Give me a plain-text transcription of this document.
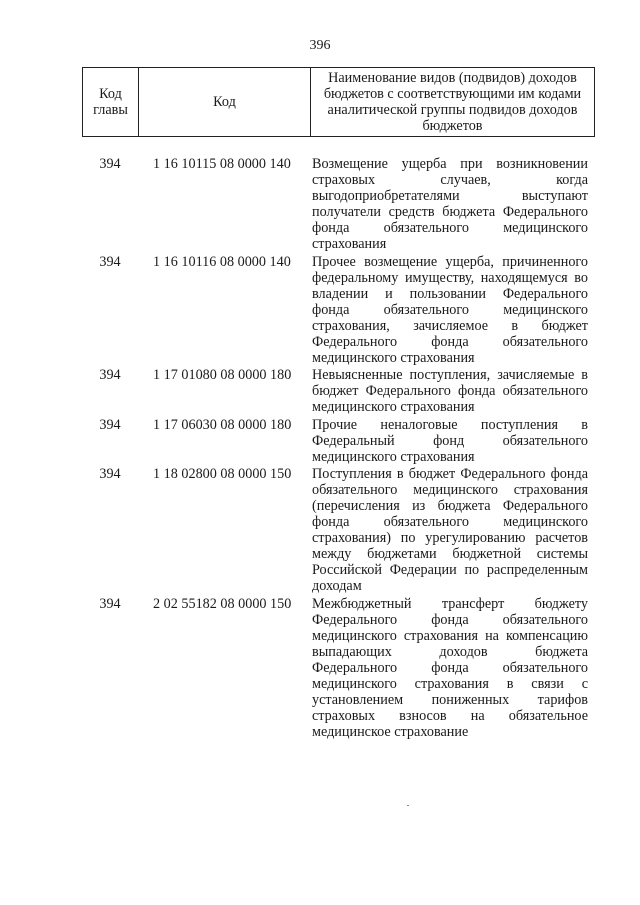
396
Код
главы	Код	
Наименование видов (подвидов) доходов
бюджетов с соответствующими им кодами
аналитической группы подвидов доходов
бюджетов
394	1 16 10115 08 0000 140 Возмещение ущерба при возникновении
страховых случаев, когда
выгодоприобретателями выступают
получатели средств бюджета Федерального
фонда обязательного медицинского
страхования
394	1 16 10116 08 0000 140 Прочее возмещение ущерба, причиненного
федеральному имуществу, находящемуся во
владении и пользовании Федерального
фонда обязательного медицинского
страхования, зачисляемое в бюджет
Федерального фонда обязательного
медицинского страхования
394	1 17 01080 08 0000 180 Невыясненные поступления, зачисляемые в
бюджет Федерального фонда обязательного
медицинского страхования
394	1 17 06030 08 0000 180 Прочие неналоговые поступления в
Федеральный фонд обязательного
медицинского страхования
394	1 18 02800 08 0000 150 Поступления в бюджет Федерального фонда
обязательного медицинского страхования
(перечисления из бюджета Федерального
фонда обязательного медицинского
страхования) по урегулированию расчетов
между бюджетами бюджетной системы
Российской Федерации по распределенным
доходам
394	2 02 55182 08 0000 150 Межбюджетный трансферт бюджету
Федерального фонда обязательного
медицинского страхования на компенсацию
выпадающих доходов бюджета
Федерального фонда обязательного
медицинского страхования в связи с
установлением пониженных тарифов
страховых взносов на обязательное
медицинское страхование
